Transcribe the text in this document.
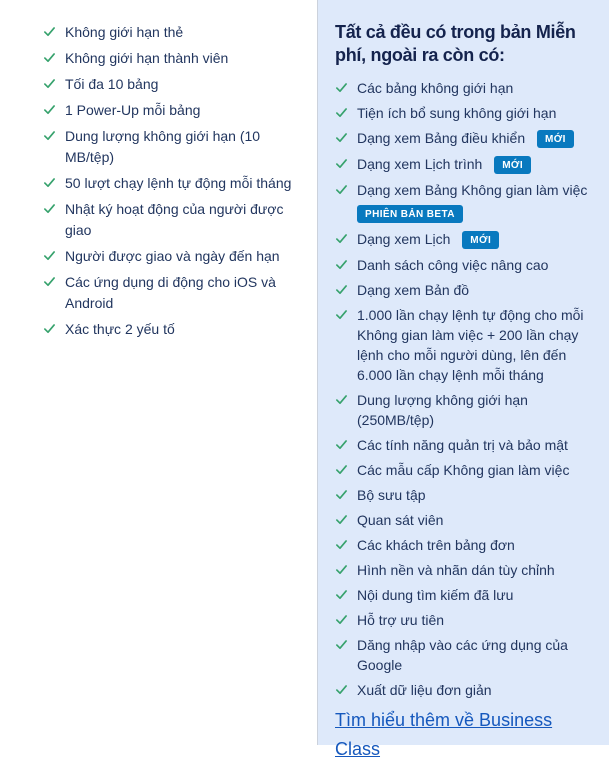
Không giới hạn thẻ
Không giới hạn thành viên
Tối đa 10 bảng
1 Power-Up mỗi bảng
Dung lượng không giới hạn (10 MB/tệp)
50 lượt chạy lệnh tự động mỗi tháng
Nhật ký hoạt động của người được giao
Người được giao và ngày đến hạn
Các ứng dụng di động cho iOS và Android
Xác thực 2 yếu tố
Tất cả đều có trong bản Miễn phí, ngoài ra còn có:
Các bảng không giới hạn
Tiện ích bổ sung không giới hạn
Dạng xem Bảng điều khiển MỚI
Dạng xem Lịch trình MỚI
Dạng xem Bảng Không gian làm việc
PHIÊN BẢN BETA
Dạng xem Lịch MỚI
Danh sách công việc nâng cao
Dạng xem Bản đồ
1.000 lần chạy lệnh tự động cho mỗi Không gian làm việc + 200 lần chạy lệnh cho mỗi người dùng, lên đến 6.000 lần chạy lệnh mỗi tháng
Dung lượng không giới hạn (250MB/tệp)
Các tính năng quản trị và bảo mật
Các mẫu cấp Không gian làm việc
Bộ sưu tập
Quan sát viên
Các khách trên bảng đơn
Hình nền và nhãn dán tùy chỉnh
Nội dung tìm kiếm đã lưu
Hỗ trợ ưu tiên
Dăng nhập vào các ứng dụng của Google
Xuất dữ liệu đơn giản
Tìm hiểu thêm về Business Class
